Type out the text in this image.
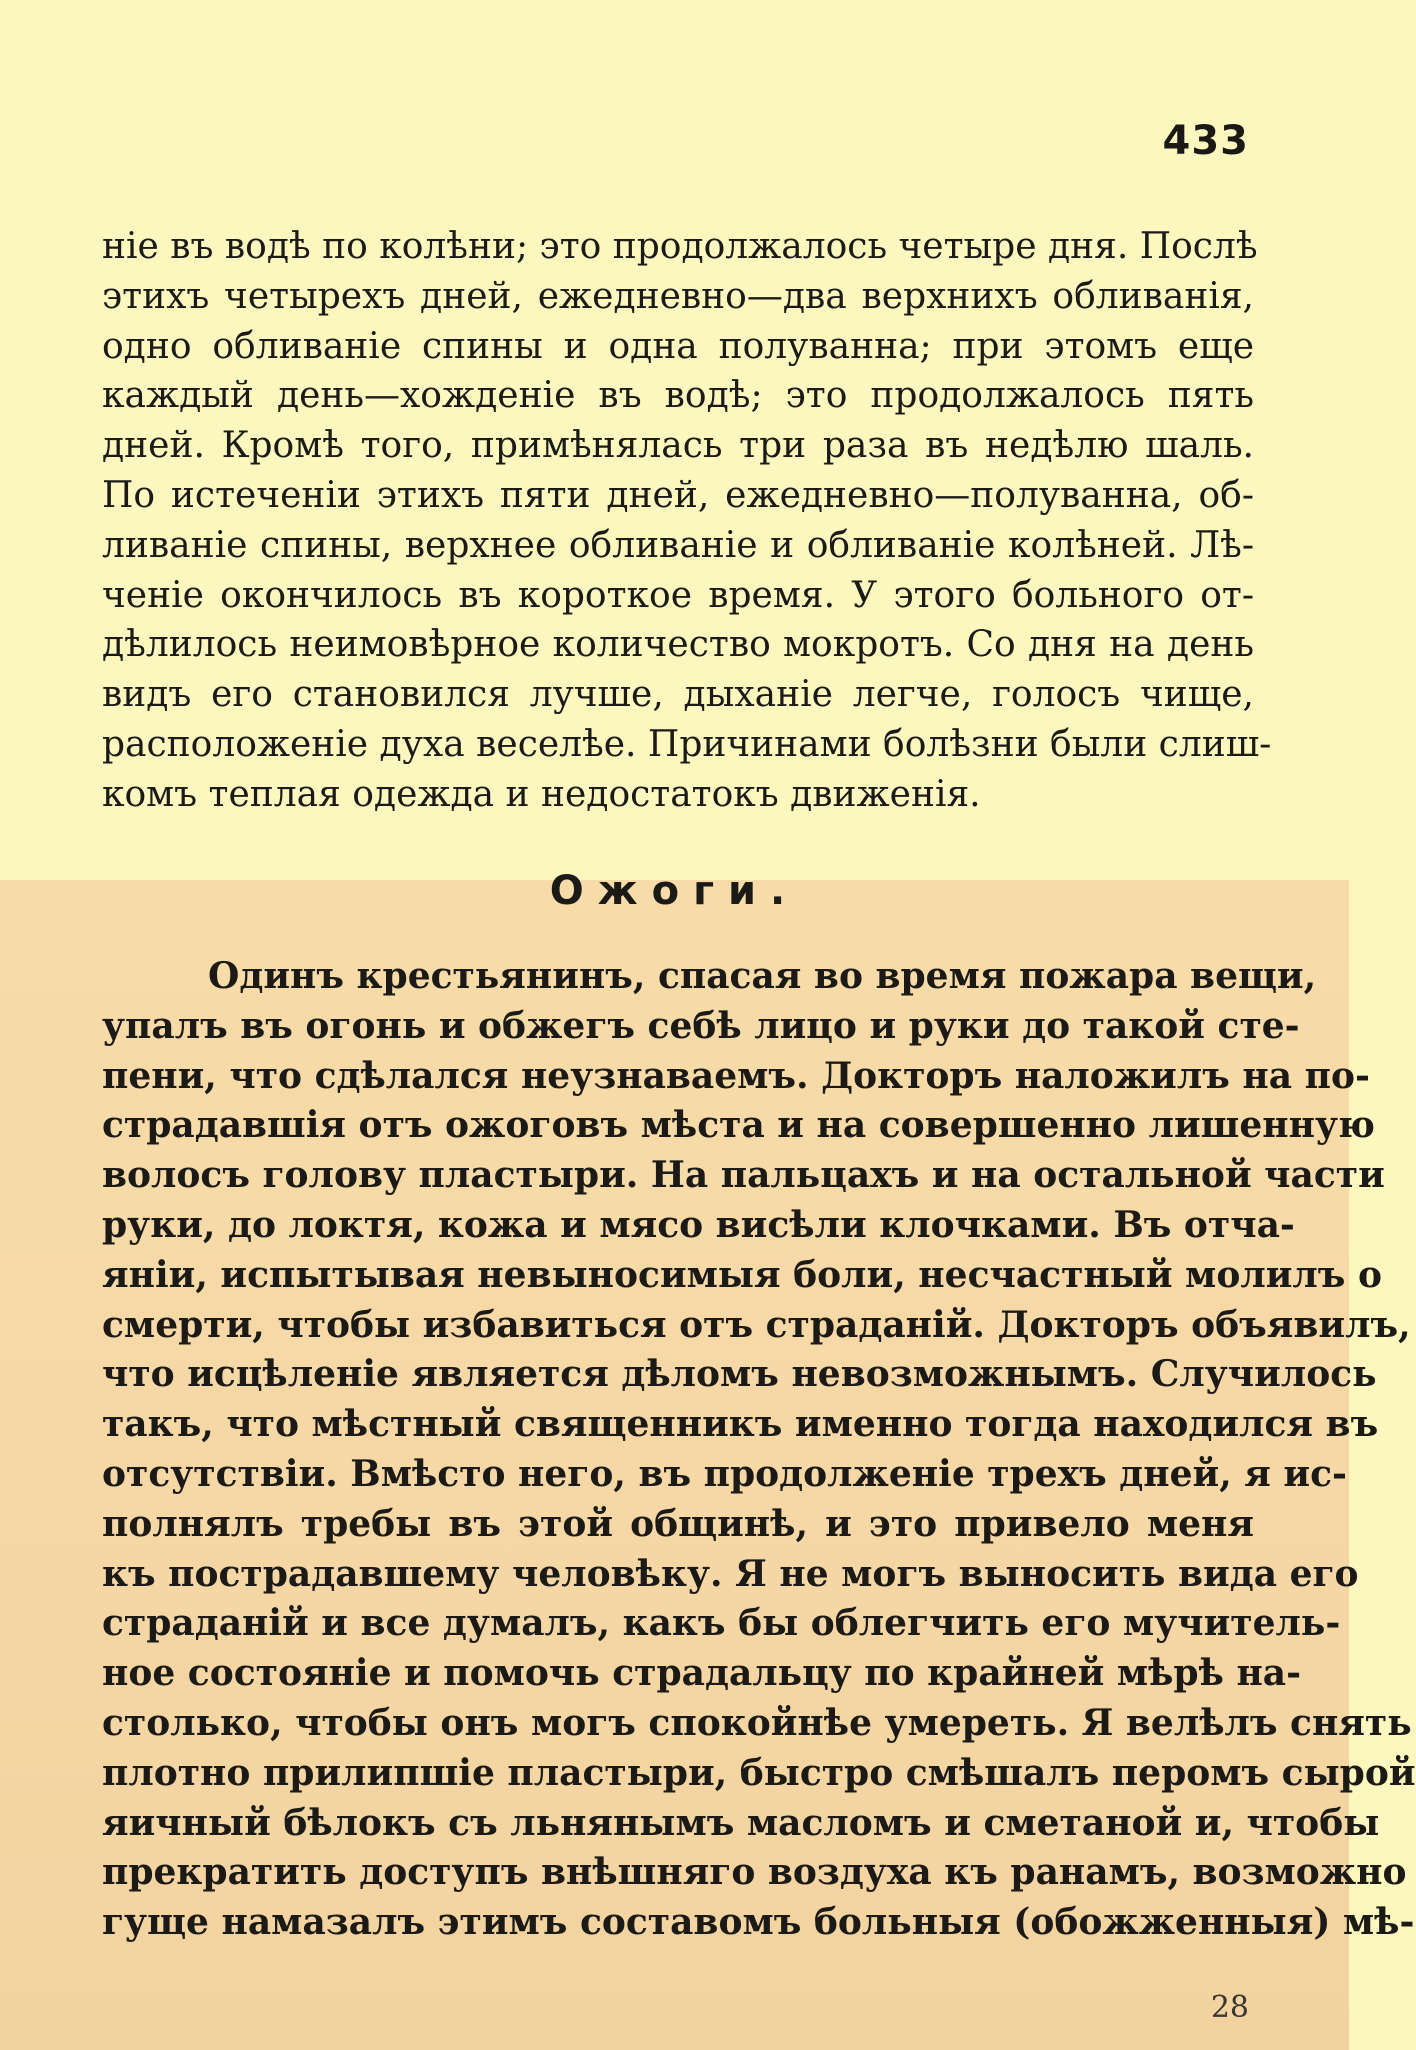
433
ніе въ водѣ по колѣни; это продолжалось четыре дня. Послѣ
этихъ четырехъ дней, ежедневно—два верхнихъ обливанія,
одно обливаніе спины и одна полуванна; при этомъ еще
каждый день—хожденіе въ водѣ; это продолжалось пять
дней. Кромѣ того, примѣнялась три раза въ недѣлю шаль.
По истеченіи этихъ пяти дней, ежедневно—полуванна, об-
ливаніе спины, верхнее обливаніе и обливаніе колѣней. Лѣ-
ченіе окончилось въ короткое время. У этого больного от-
дѣлилось неимовѣрное количество мокротъ. Со дня на день
видъ его становился лучше, дыханіе легче, голосъ чище,
расположеніе духа веселѣе. Причинами болѣзни были слиш-
комъ теплая одежда и недостатокъ движенія.
Ожоги.
Одинъ крестьянинъ, спасая во время пожара вещи,
упалъ въ огонь и обжегъ себѣ лицо и руки до такой сте-
пени, что сдѣлался неузнаваемъ. Докторъ наложилъ на по-
страдавшія отъ ожоговъ мѣста и на совершенно лишенную
волосъ голову пластыри. На пальцахъ и на остальной части
руки, до локтя, кожа и мясо висѣли клочками. Въ отча-
яніи, испытывая невыносимыя боли, несчастный молилъ о
смерти, чтобы избавиться отъ страданій. Докторъ объявилъ,
что исцѣленіе является дѣломъ невозможнымъ. Случилось
такъ, что мѣстный священникъ именно тогда находился въ
отсутствіи. Вмѣсто него, въ продолженіе трехъ дней, я ис-
полнялъ требы въ этой общинѣ, и это привело меня
къ пострадавшему человѣку. Я не могъ выносить вида его
страданій и все думалъ, какъ бы облегчить его мучитель-
ное состояніе и помочь страдальцу по крайней мѣрѣ на-
столько, чтобы онъ могъ спокойнѣе умереть. Я велѣлъ снять
плотно прилипшіе пластыри, быстро смѣшалъ перомъ сырой
яичный бѣлокъ съ льнянымъ масломъ и сметаной и, чтобы
прекратить доступъ внѣшняго воздуха къ ранамъ, возможно
гуще намазалъ этимъ составомъ больныя (обожженныя) мѣ-
28
